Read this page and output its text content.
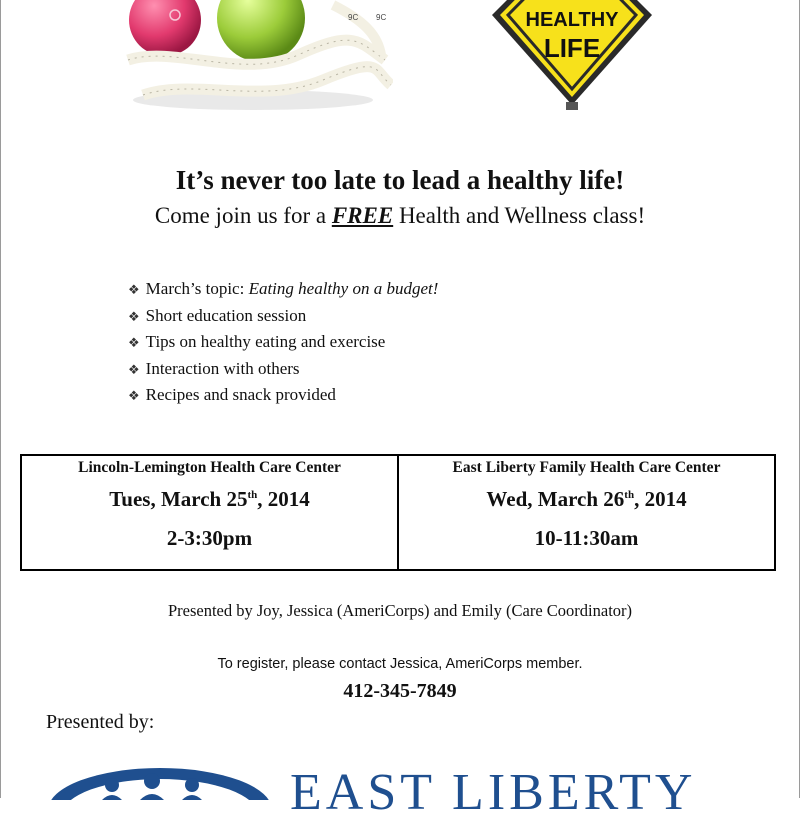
9C 9C	HEALTHY
LIFE
It’s never too late to lead a healthy life!
Come join us for a FREE Health and Wellness class!
❖ March’s topic: Eating healthy on a budget!
❖ Short education session
❖ Tips on healthy eating and exercise
❖ Interaction with others
❖ Recipes and snack provided
Lincoln-Lemington Health Care Center
Tues, March 25th, 2014
2-3:30pm
East Liberty Family Health Care Center
Wed, March 26th, 2014
10-11:30am
Presented by Joy, Jessica (AmeriCorps) and Emily (Care Coordinator)
To register, please contact Jessica, AmeriCorps member.
412-345-7849
Presented by:
EAST LIBERTY
